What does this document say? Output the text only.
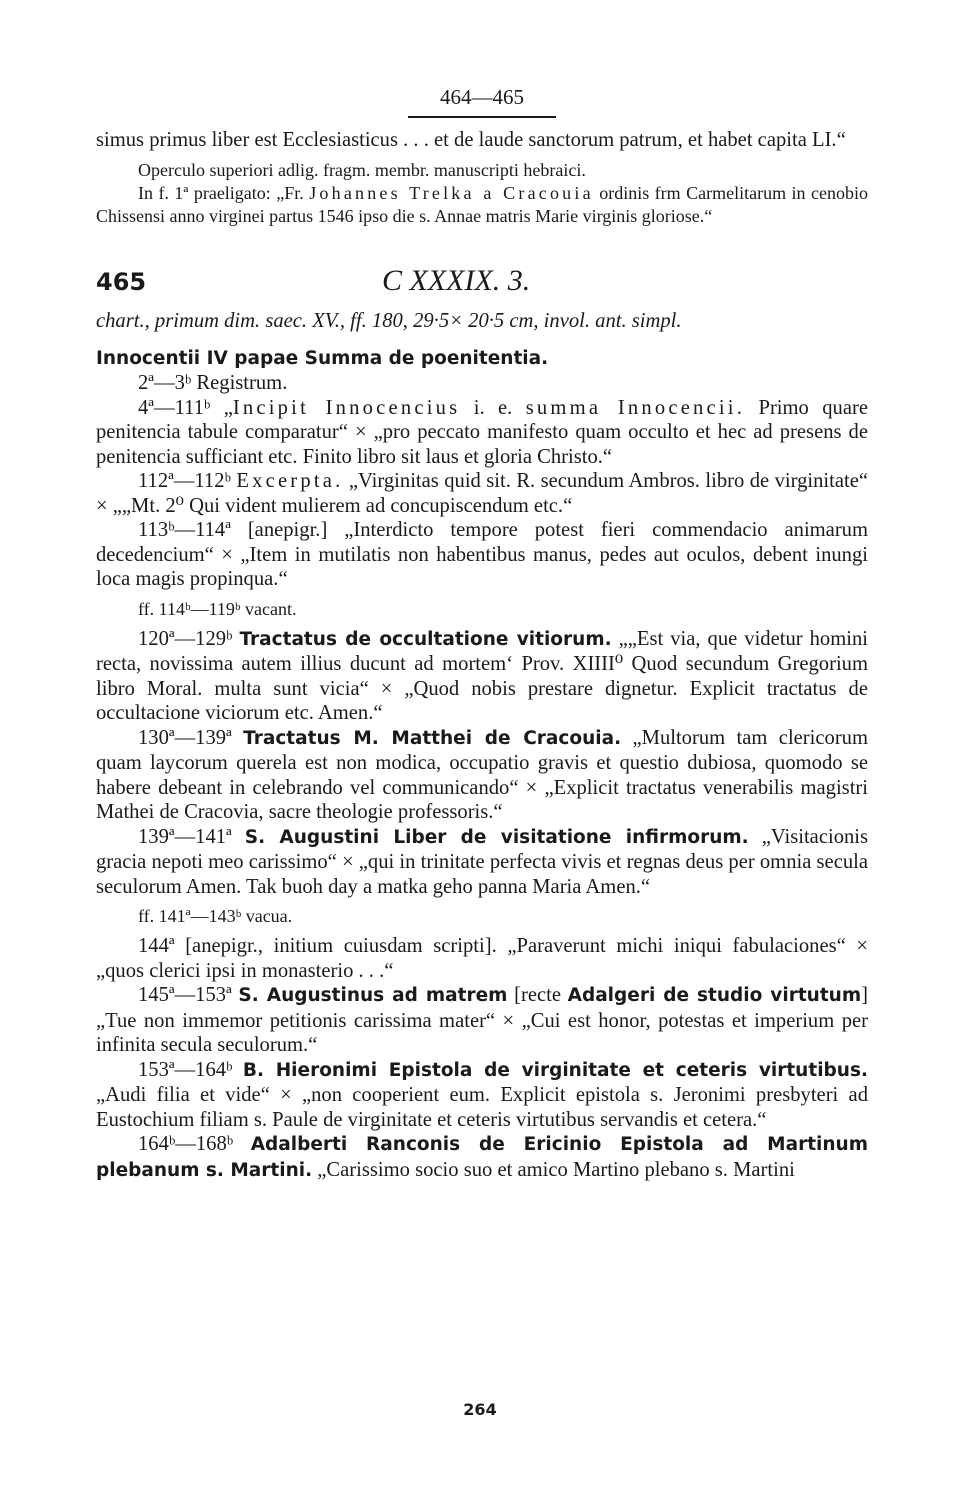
464—465

simus primus liber est Ecclesiasticus . . . et de laude sanctorum patrum, et habet capita LI.“

Operculo superiori adlig. fragm. membr. manuscripti hebraici.

In f. 1ª praeligato: „Fr. Johannes Trelka a Cracouia ordinis frm Carmelitarum in cenobio Chissensi anno virginei partus 1546 ipso die s. Annae matris Marie virginis gloriose.“

465	C XXXIX. 3.
chart., primum dim. saec. XV., ff. 180, 29·5× 20·5 cm, invol. ant. simpl.

Innocentii IV papae Summa de poenitentia.

2ª—3ᵇ Registrum.

4ª—111ᵇ „Incipit Innocencius i. e. summa Innocencii. Primo quare penitencia tabule comparatur“ × „pro peccato manifesto quam occulto et hec ad presens de penitencia sufficiant etc. Finito libro sit laus et gloria Christo.“

112ª—112ᵇ Excerpta. „Virginitas quid sit. R. secundum Ambros. libro de virginitate“ × „„Mt. 2⁰ Qui vident mulierem ad concupiscendum etc.“

113ᵇ—114ª [anepigr.] „Interdicto tempore potest fieri commendacio animarum decedencium“ × „Item in mutilatis non habentibus manus, pedes aut oculos, debent inungi loca magis propinqua.“

ff. 114ᵇ—119ᵇ vacant.

120ª—129ᵇ Tractatus de occultatione vitiorum. „„Est via, que videtur homini recta, novissima autem illius ducunt ad mortem‘ Prov. XIIII⁰ Quod secundum Gregorium libro Moral. multa sunt vicia“ × „Quod nobis prestare dignetur. Explicit tractatus de occultacione viciorum etc. Amen.“

130ª—139ª Tractatus M. Matthei de Cracouia. „Multorum tam clericorum quam laycorum querela est non modica, occupatio gravis et questio dubiosa, quomodo se habere debeant in celebrando vel communicando“ × „Explicit tractatus venerabilis magistri Mathei de Cracovia, sacre theologie professoris.“

139ª—141ª S. Augustini Liber de visitatione infirmorum. „Visitacionis gracia nepoti meo carissimo“ × „qui in trinitate perfecta vivis et regnas deus per omnia secula seculorum Amen. Tak buoh day a matka geho panna Maria Amen.“

ff. 141ª—143ᵇ vacua.

144ª [anepigr., initium cuiusdam scripti]. „Paraverunt michi iniqui fabulaciones“ × „quos clerici ipsi in monasterio . . .“

145ª—153ª S. Augustinus ad matrem [recte Adalgeri de studio virtutum] „Tue non immemor petitionis carissima mater“ × „Cui est honor, potestas et imperium per infinita secula seculorum.“

153ª—164ᵇ B. Hieronimi Epistola de virginitate et ceteris virtutibus. „Audi filia et vide“ × „non cooperient eum. Explicit epistola s. Jeronimi presbyteri ad Eustochium filiam s. Paule de virginitate et ceteris virtutibus servandis et cetera.“

164ᵇ—168ᵇ Adalberti Ranconis de Ericinio Epistola ad Martinum plebanum s. Martini. „Carissimo socio suo et amico Martino plebano s. Martini

264
